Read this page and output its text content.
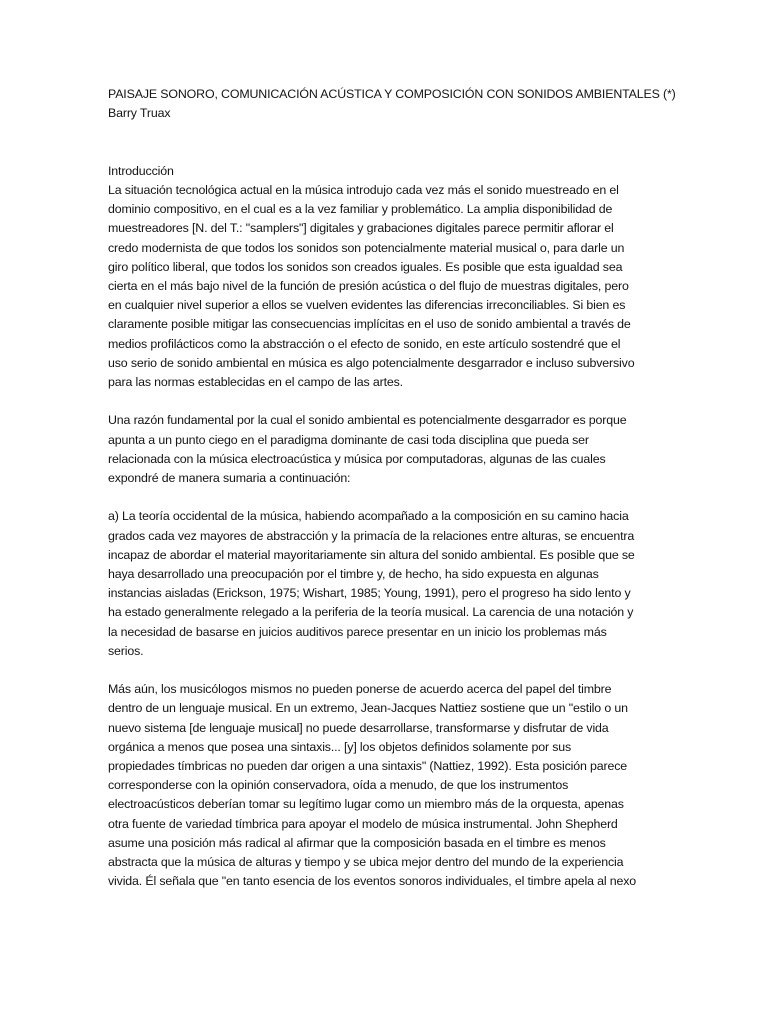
PAISAJE SONORO, COMUNICACIÓN ACÚSTICA Y COMPOSICIÓN CON SONIDOS AMBIENTALES (*)
Barry Truax
Introducción

La situación tecnológica actual en la música introdujo cada vez más el sonido muestreado en el
dominio compositivo, en el cual es a la vez familiar y problemático. La amplia disponibilidad de
muestreadores [N. del T.: "samplers"] digitales y grabaciones digitales parece permitir aflorar el
credo modernista de que todos los sonidos son potencialmente material musical o, para darle un
giro político liberal, que todos los sonidos son creados iguales. Es posible que esta igualdad sea
cierta en el más bajo nivel de la función de presión acústica o del flujo de muestras digitales, pero
en cualquier nivel superior a ellos se vuelven evidentes las diferencias irreconciliables. Si bien es
claramente posible mitigar las consecuencias implícitas en el uso de sonido ambiental a través de
medios profilácticos como la abstracción o el efecto de sonido, en este artículo sostendré que el
uso serio de sonido ambiental en música es algo potencialmente desgarrador e incluso subversivo
para las normas establecidas en el campo de las artes.

Una razón fundamental por la cual el sonido ambiental es potencialmente desgarrador es porque
apunta a un punto ciego en el paradigma dominante de casi toda disciplina que pueda ser
relacionada con la música electroacústica y música por computadoras, algunas de las cuales
expondré de manera sumaria a continuación:

a) La teoría occidental de la música, habiendo acompañado a la composición en su camino hacia
grados cada vez mayores de abstracción y la primacía de la relaciones entre alturas, se encuentra
incapaz de abordar el material mayoritariamente sin altura del sonido ambiental. Es posible que se
haya desarrollado una preocupación por el timbre y, de hecho, ha sido expuesta en algunas
instancias aisladas (Erickson, 1975; Wishart, 1985; Young, 1991), pero el progreso ha sido lento y
ha estado generalmente relegado a la periferia de la teoría musical. La carencia de una notación y
la necesidad de basarse en juicios auditivos parece presentar en un inicio los problemas más
serios.

Más aún, los musicólogos mismos no pueden ponerse de acuerdo acerca del papel del timbre
dentro de un lenguaje musical. En un extremo, Jean-Jacques Nattiez sostiene que un "estilo o un
nuevo sistema [de lenguaje musical] no puede desarrollarse, transformarse y disfrutar de vida
orgánica a menos que posea una sintaxis... [y] los objetos definidos solamente por sus
propiedades tímbricas no pueden dar origen a una sintaxis" (Nattiez, 1992). Esta posición parece
corresponderse con la opinión conservadora, oída a menudo, de que los instrumentos
electroacústicos deberían tomar su legítimo lugar como un miembro más de la orquesta, apenas
otra fuente de variedad tímbrica para apoyar el modelo de música instrumental. John Shepherd
asume una posición más radical al afirmar que la composición basada en el timbre es menos
abstracta que la música de alturas y tiempo y se ubica mejor dentro del mundo de la experiencia
vivida. Él señala que "en tanto esencia de los eventos sonoros individuales, el timbre apela al nexo
